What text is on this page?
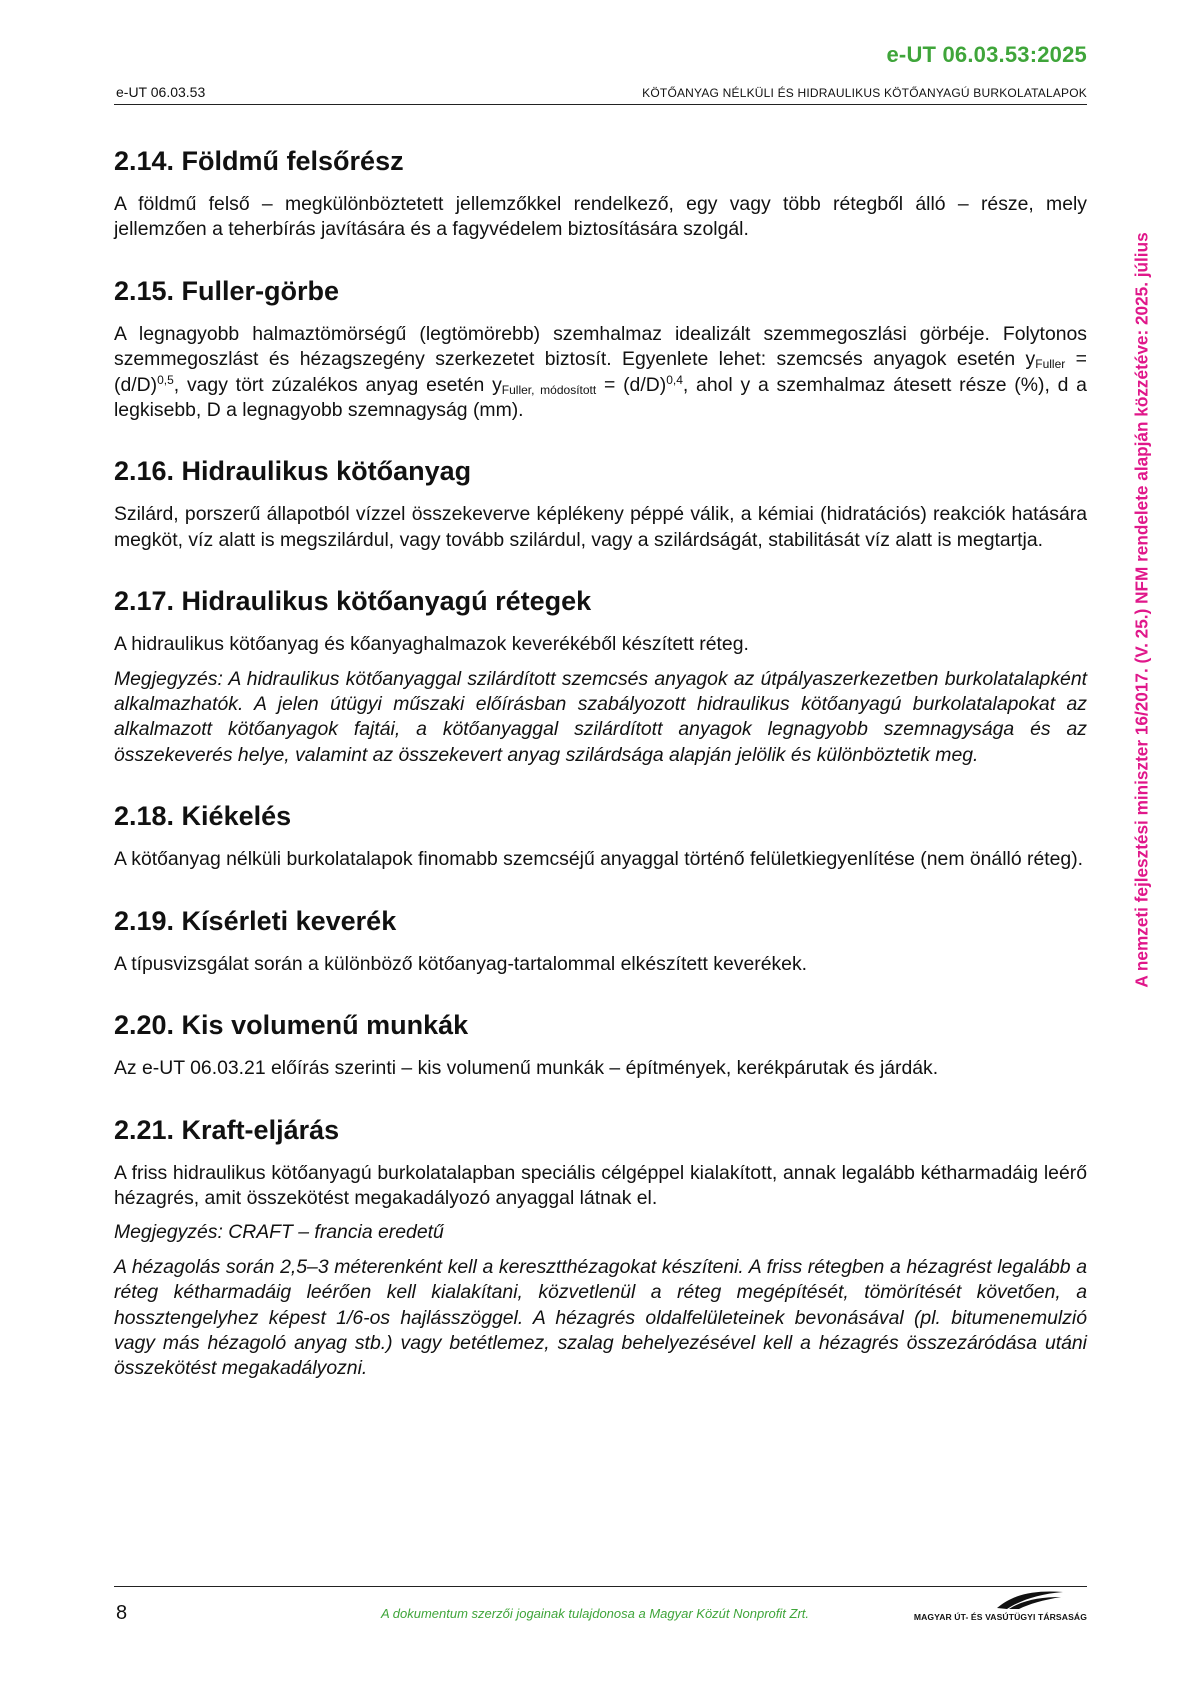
e-UT 06.03.53:2025
e-UT 06.03.53	KÖTŐANYAG NÉLKÜLI ÉS HIDRAULIKUS KÖTŐANYAGÚ BURKOLATALAPOK
A nemzeti fejlesztési miniszter 16/2017. (V. 25.) NFM rendelete alapján közzétéve: 2025. július
2.14. Földmű felsőrész

A földmű felső – megkülönböztetett jellemzőkkel rendelkező, egy vagy több rétegből álló – része, mely jellemzően a teherbírás javítására és a fagyvédelem biztosítására szolgál.

2.15. Fuller-görbe

A legnagyobb halmaztömörségű (legtömörebb) szemhalmaz idealizált szemmegoszlási görbéje. Folytonos szemmegoszlást és hézagszegény szerkezetet biztosít. Egyenlete lehet: szemcsés anyagok esetén $y_{Fuller} = (d/D)^{0,5}$, vagy tört zúzalékos anyag esetén $y_{Fuller, módosított} = (d/D)^{0,4}$, ahol y a szemhalmaz átesett része (%), d a legkisebb, D a legnagyobb szemnagyság (mm).

2.16. Hidraulikus kötőanyag

Szilárd, porszerű állapotból vízzel összekeverve képlékeny péppé válik, a kémiai (hidratációs) reakciók hatására megköt, víz alatt is megszilárdul, vagy tovább szilárdul, vagy a szilárdságát, stabilitását víz alatt is megtartja.

2.17. Hidraulikus kötőanyagú rétegek

A hidraulikus kötőanyag és kőanyaghalmazok keverékéből készített réteg.

Megjegyzés: A hidraulikus kötőanyaggal szilárdított szemcsés anyagok az útpályaszerkezetben burkolatalapként alkalmazhatók. A jelen útügyi műszaki előírásban szabályozott hidraulikus kötőanyagú burkolatalapokat az alkalmazott kötőanyagok fajtái, a kötőanyaggal szilárdított anyagok legnagyobb szemnagysága és az összekeverés helye, valamint az összekevert anyag szilárdsága alapján jelölik és különböztetik meg.

2.18. Kiékelés

A kötőanyag nélküli burkolatalapok finomabb szemcséjű anyaggal történő felületkiegyenlítése (nem önálló réteg).

2.19. Kísérleti keverék

A típusvizsgálat során a különböző kötőanyag-tartalommal elkészített keverékek.

2.20. Kis volumenű munkák

Az e-UT 06.03.21 előírás szerinti – kis volumenű munkák – építmények, kerékpárutak és járdák.

2.21. Kraft-eljárás

A friss hidraulikus kötőanyagú burkolatalapban speciális célgéppel kialakított, annak legalább kétharmadáig leérő hézagrés, amit összekötést megakadályozó anyaggal látnak el.

Megjegyzés: CRAFT – francia eredetű

A hézagolás során 2,5–3 méterenként kell a keresztthézagokat készíteni. A friss rétegben a hézagrést legalább a réteg kétharmadáig leérően kell kialakítani, közvetlenül a réteg megépítését, tömörítését követően, a hossztengelyhez képest 1/6-os hajlásszöggel. A hézagrés oldalfelületeinek bevonásával (pl. bitumenemulzió vagy más hézagoló anyag stb.) vagy betétlemez, szalag behelyezésével kell a hézagrés összezáródása utáni összekötést megakadályozni.

8	A dokumentum szerzői jogainak tulajdonosa a Magyar Közút Nonprofit Zrt.	MAGYAR ÚT- ÉS VASÚTÜGYI TÁRSASÁG
